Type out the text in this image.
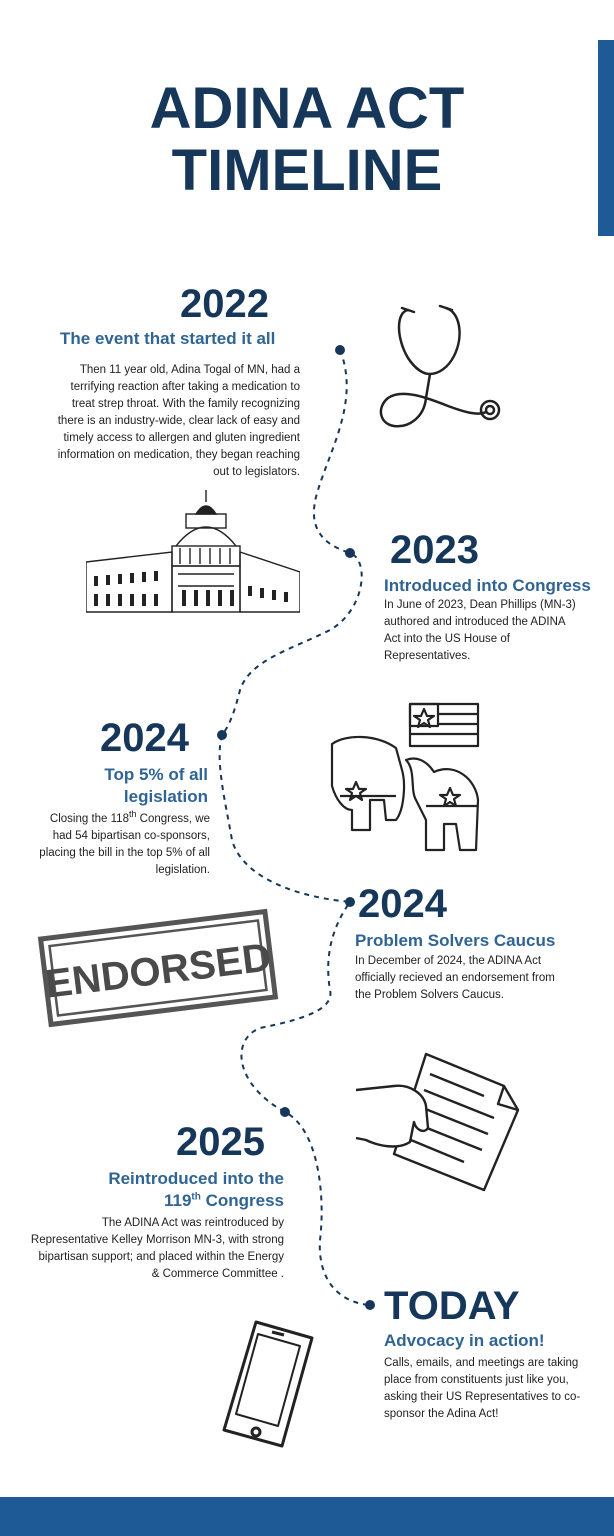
ADINA ACT
TIMELINE
2022
The event that started it all

Then 11 year old, Adina Togal of MN, had a terrifying reaction after taking a medication to treat strep throat. With the family recognizing there is an industry-wide, clear lack of easy and timely access to allergen and gluten ingredient information on medication, they began reaching out to legislators.

2023
Introduced into Congress

In June of 2023, Dean Phillips (MN-3) authored and introduced the ADINA Act into the US House of Representatives.

2024
Top 5% of all
legislation

Closing the 118th Congress, we had 54 bipartisan co-sponsors, placing the bill in the top 5% of all legislation.

2024
Problem Solvers Caucus

In December of 2024, the ADINA Act officially recieved an endorsement from the Problem Solvers Caucus.

ENDORSED
2025
Reintroduced into the
119th Congress

The ADINA Act was reintroduced by Representative Kelley Morrison MN-3, with strong bipartisan support; and placed within the Energy & Commerce Committee .

TODAY
Advocacy in action!

Calls, emails, and meetings are taking place from constituents just like you, asking their US Representatives to co-sponsor the Adina Act!
